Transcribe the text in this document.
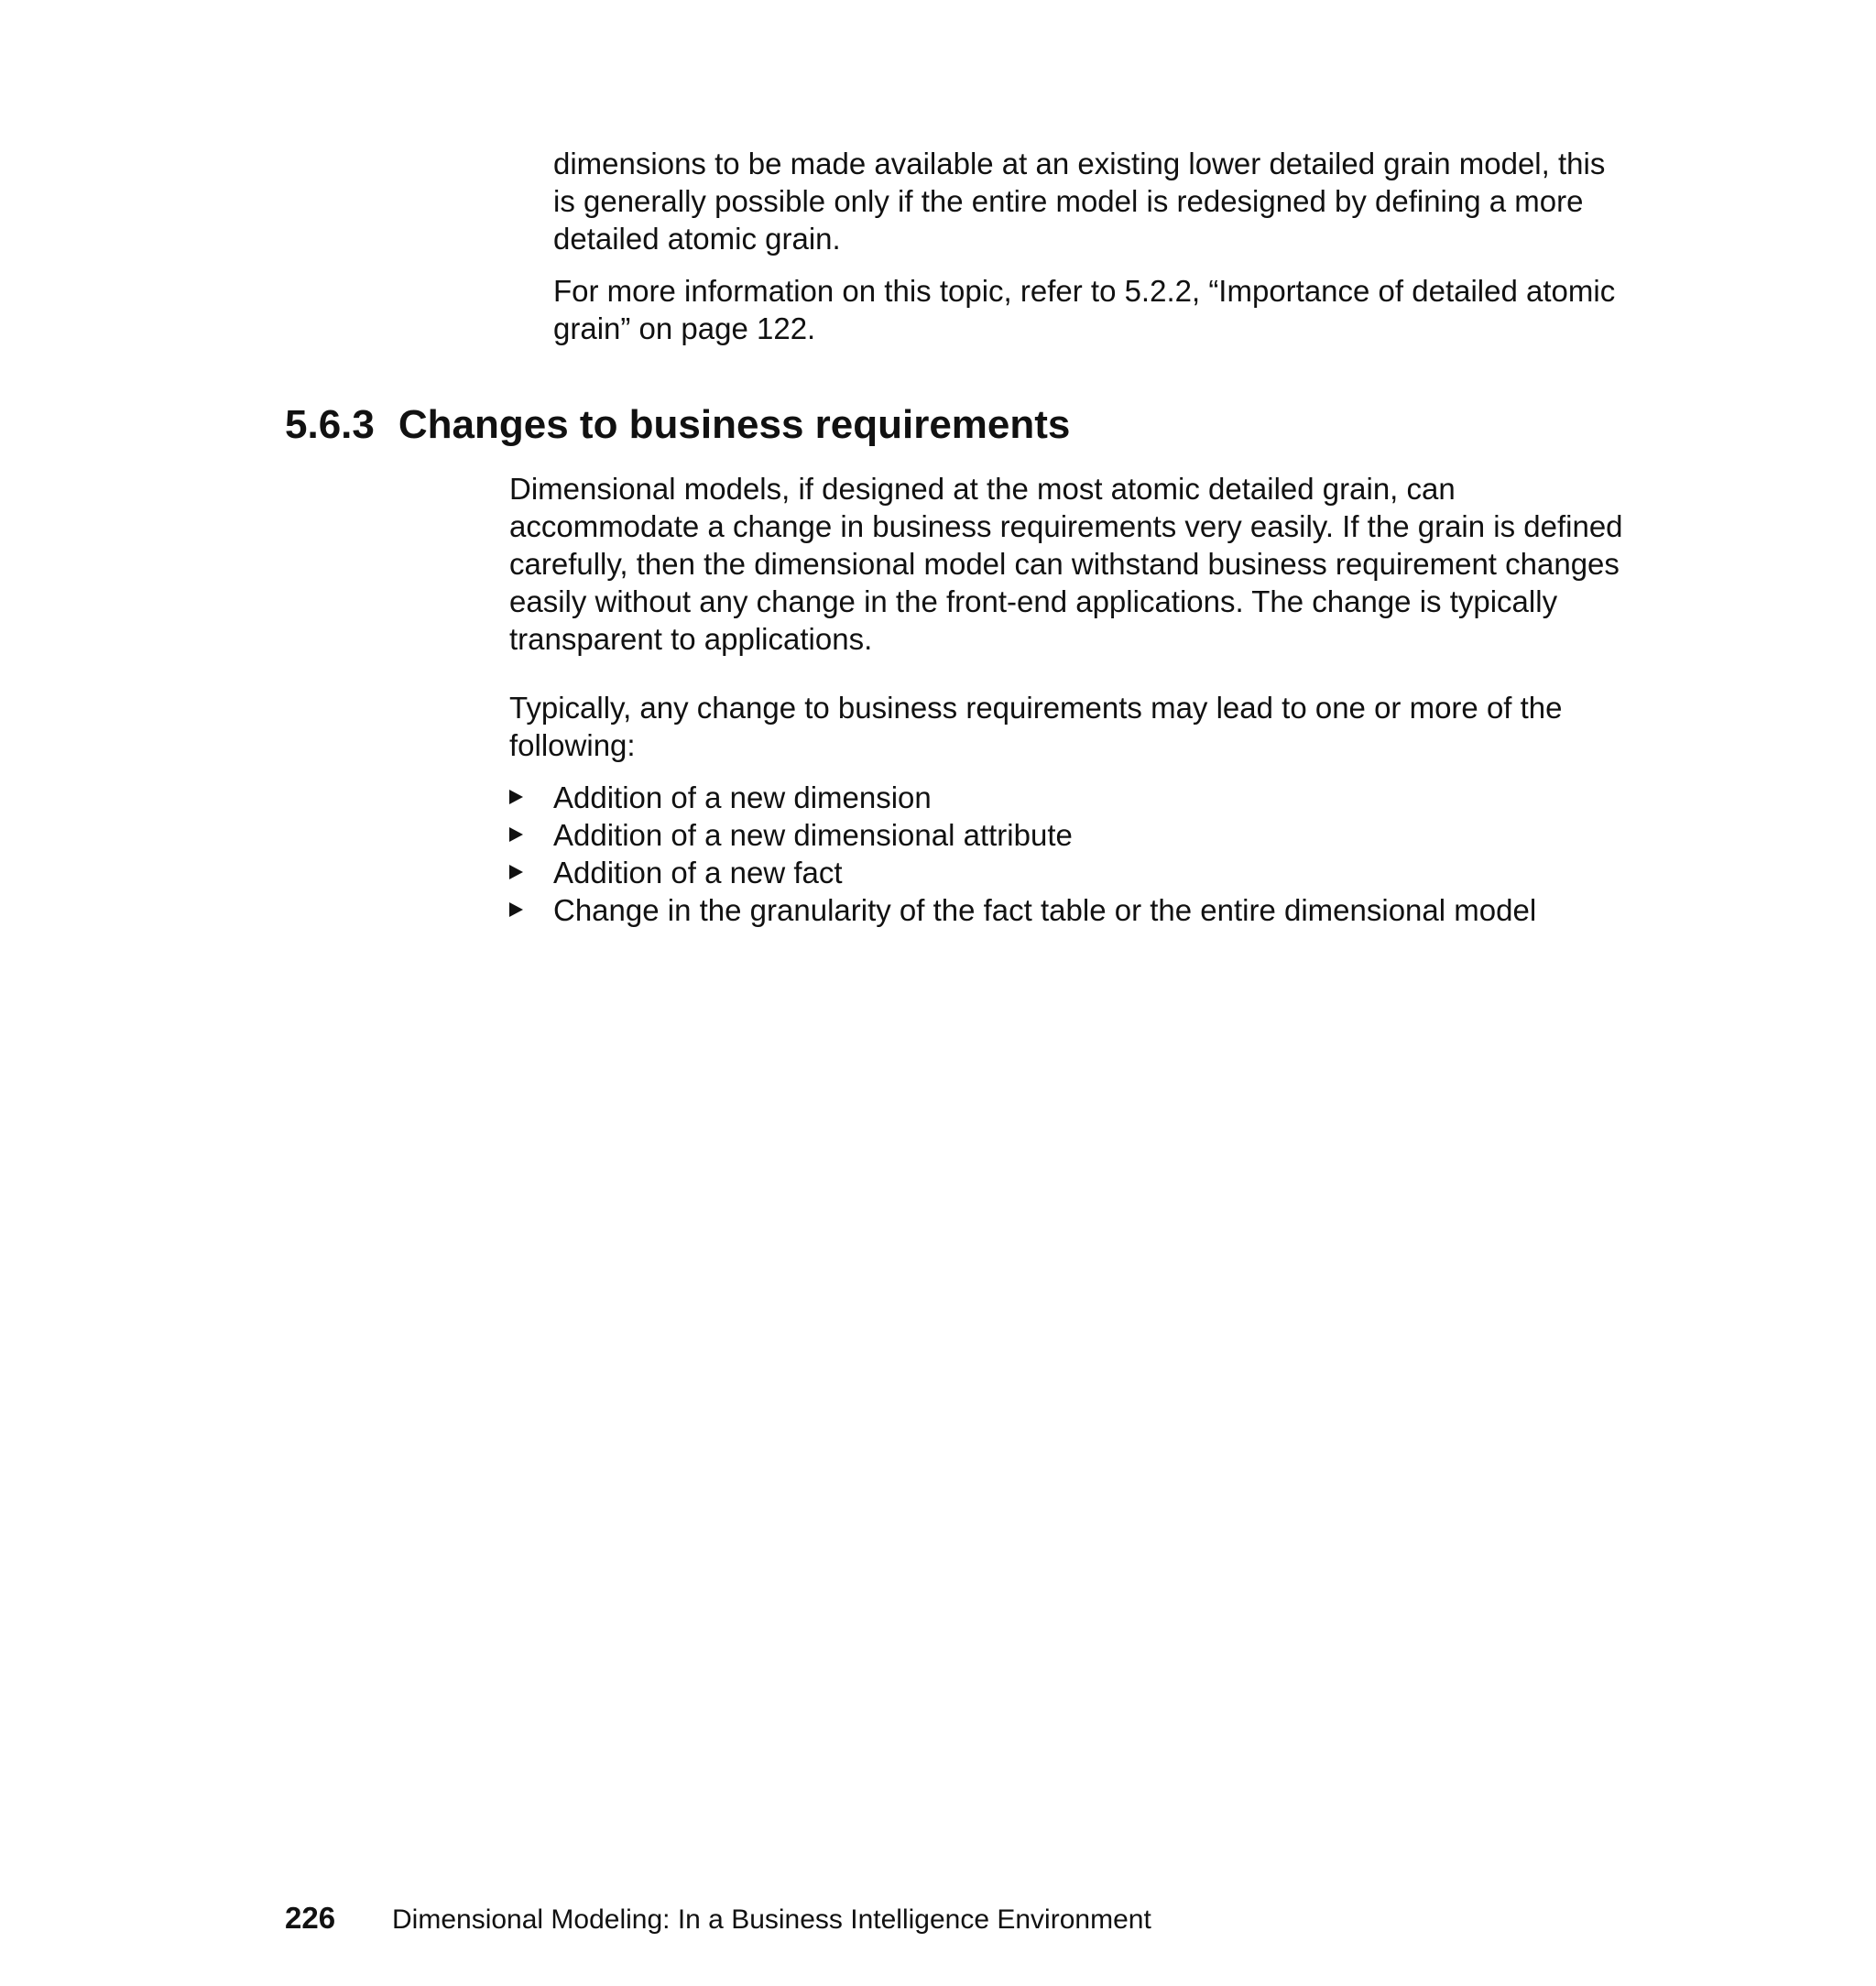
dimensions to be made available at an existing lower detailed grain model, this is generally possible only if the entire model is redesigned by defining a more detailed atomic grain.

For more information on this topic, refer to 5.2.2, “Importance of detailed atomic grain” on page 122.

5.6.3 Changes to business requirements

Dimensional models, if designed at the most atomic detailed grain, can accommodate a change in business requirements very easily. If the grain is defined carefully, then the dimensional model can withstand business requirement changes easily without any change in the front-end applications. The change is typically transparent to applications.

Typically, any change to business requirements may lead to one or more of the following:

Addition of a new dimension
Addition of a new dimensional attribute
Addition of a new fact
Change in the granularity of the fact table or the entire dimensional model
226 Dimensional Modeling: In a Business Intelligence Environment
